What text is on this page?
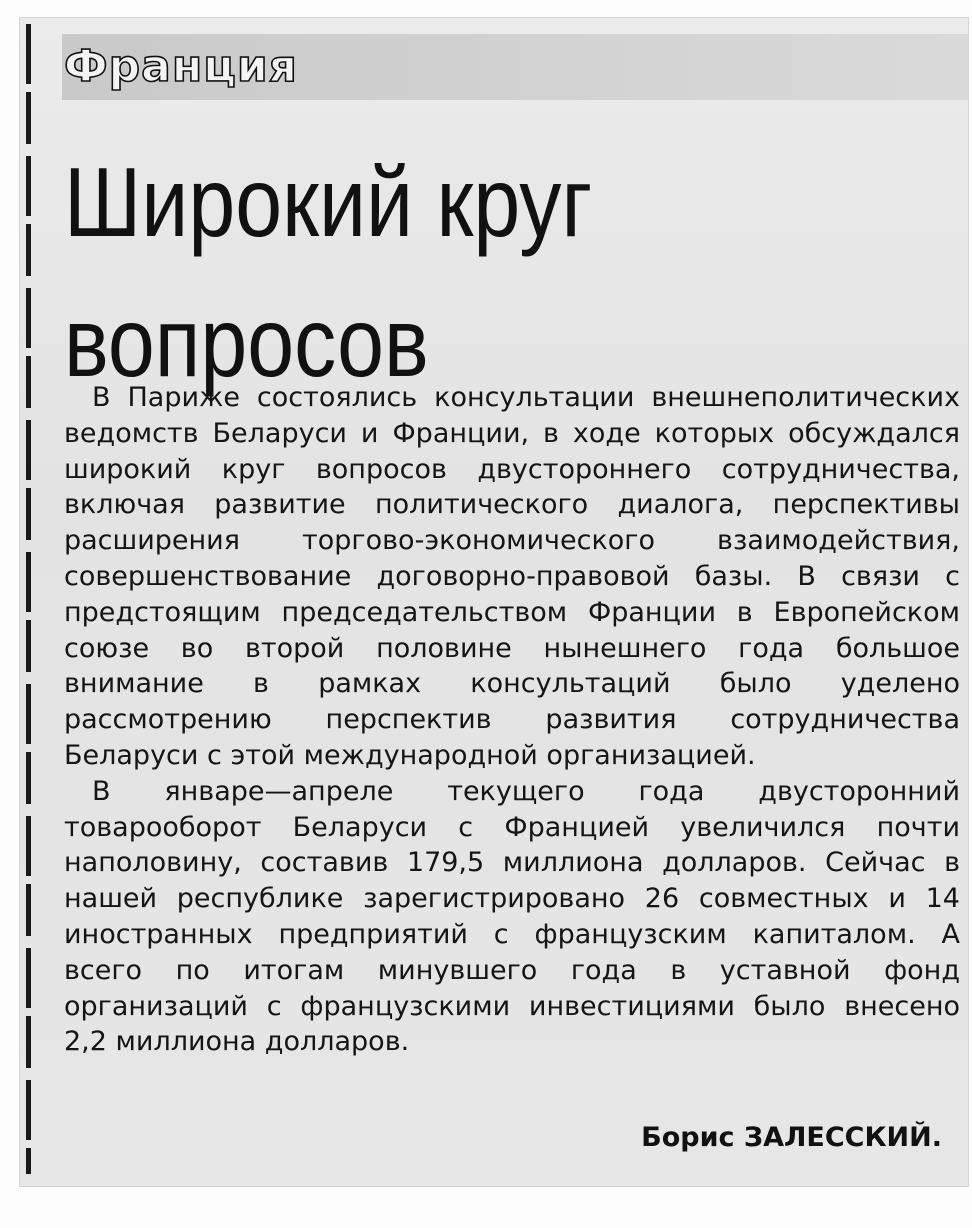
Франция
Широкий круг
вопросов

В Париже состоялись консультации внешнеполитических ведомств Беларуси и Франции, в ходе которых обсуждался широкий круг вопросов двустороннего сотрудничества, включая развитие политического диалога, перспективы расширения торгово-экономического взаимодействия, совершенствование договорно-правовой базы. В связи с предстоящим председательством Франции в Европейском союзе во второй половине нынешнего года большое внимание в рамках консультаций было уделено рассмотрению перспектив развития сотрудничества Беларуси с этой международной организацией.

В январе—апреле текущего года двусторонний товарооборот Беларуси с Францией увеличился почти наполовину, составив 179,5 миллиона долларов. Сейчас в нашей республике зарегистрировано 26 совместных и 14 иностранных предприятий с французским капиталом. А всего по итогам минувшего года в уставной фонд организаций с французскими инвестициями было внесено 2,2 миллиона долларов.

Борис ЗАЛЕССКИЙ.
